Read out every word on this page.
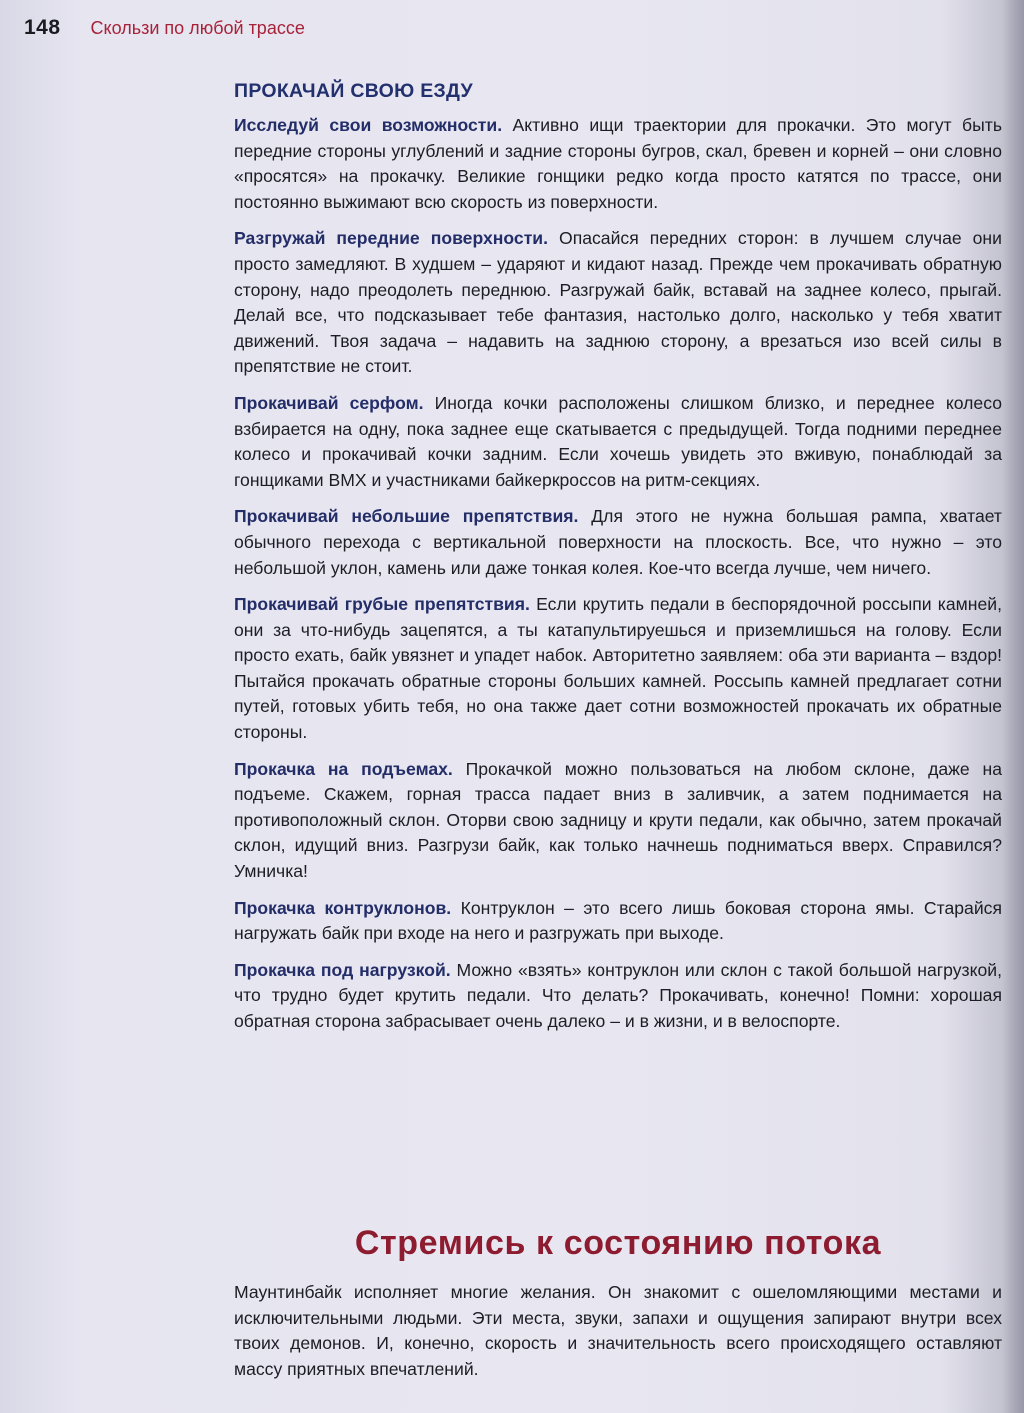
148 Скользи по любой трассе
ПРОКАЧАЙ СВОЮ ЕЗДУ

Исследуй свои возможности. Активно ищи траектории для прокачки. Это могут быть передние стороны углублений и задние стороны бугров, скал, бревен и корней – они словно «просятся» на прокачку. Великие гонщики редко когда просто катятся по трассе, они постоянно выжимают всю скорость из поверхности.

Разгружай передние поверхности. Опасайся передних сторон: в лучшем случае они просто замедляют. В худшем – ударяют и кидают назад. Прежде чем прокачивать обратную сторону, надо преодолеть переднюю. Разгружай байк, вставай на заднее колесо, прыгай. Делай все, что подсказывает тебе фантазия, настолько долго, насколько у тебя хватит движений. Твоя задача – надавить на заднюю сторону, а врезаться изо всей силы в препятствие не стоит.

Прокачивай серфом. Иногда кочки расположены слишком близко, и переднее колесо взбирается на одну, пока заднее еще скатывается с предыдущей. Тогда подними переднее колесо и прокачивай кочки задним. Если хочешь увидеть это вживую, понаблюдай за гонщиками BMX и участниками байкеркроссов на ритм-секциях.

Прокачивай небольшие препятствия. Для этого не нужна большая рампа, хватает обычного перехода с вертикальной поверхности на плоскость. Все, что нужно – это небольшой уклон, камень или даже тонкая колея. Кое-что всегда лучше, чем ничего.

Прокачивай грубые препятствия. Если крутить педали в беспорядочной россыпи камней, они за что-нибудь зацепятся, а ты катапультируешься и приземлишься на голову. Если просто ехать, байк увязнет и упадет набок. Авторитетно заявляем: оба эти варианта – вздор! Пытайся прокачать обратные стороны больших камней. Россыпь камней предлагает сотни путей, готовых убить тебя, но она также дает сотни возможностей прокачать их обратные стороны.

Прокачка на подъемах. Прокачкой можно пользоваться на любом склоне, даже на подъеме. Скажем, горная трасса падает вниз в заливчик, а затем поднимается на противоположный склон. Оторви свою задницу и крути педали, как обычно, затем прокачай склон, идущий вниз. Разгрузи байк, как только начнешь подниматься вверх. Справился? Умничка!

Прокачка контруклонов. Контруклон – это всего лишь боковая сторона ямы. Старайся нагружать байк при входе на него и разгружать при выходе.

Прокачка под нагрузкой. Можно «взять» контруклон или склон с такой большой нагрузкой, что трудно будет крутить педали. Что делать? Прокачивать, конечно! Помни: хорошая обратная сторона забрасывает очень далеко – и в жизни, и в велоспорте.

Стремись к состоянию потока

Маунтинбайк исполняет многие желания. Он знакомит с ошеломляющими местами и исключительными людьми. Эти места, звуки, запахи и ощущения запирают внутри всех твоих демонов. И, конечно, скорость и значительность всего происходящего оставляют массу приятных впечатлений.
